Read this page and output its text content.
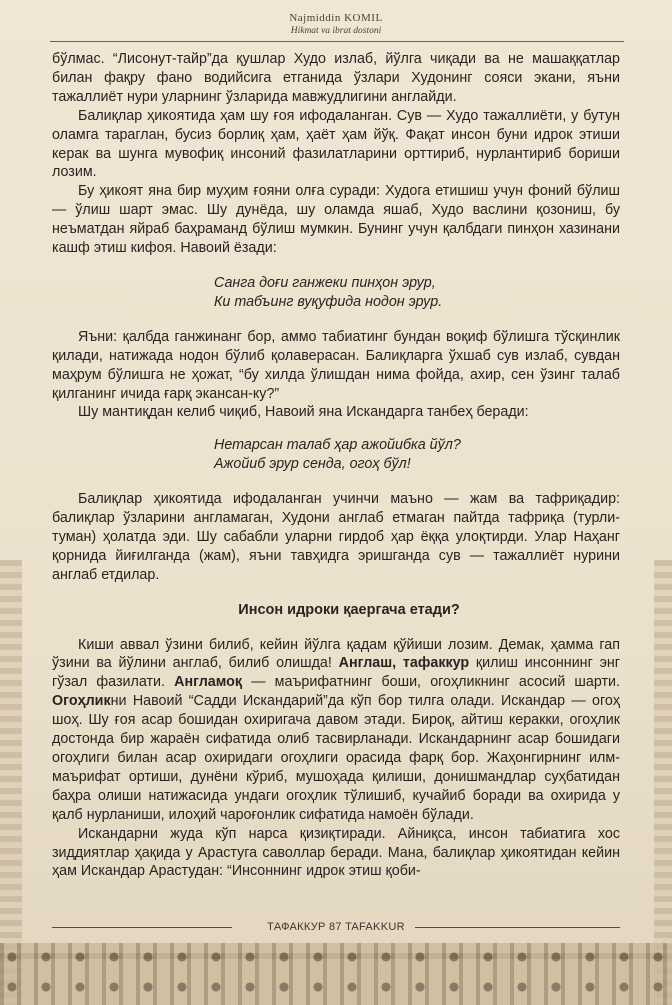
Najmiddin KOMIL
Hikmat va ibrat dostoni

бўлмас. “Лисонут-тайр”да қушлар Худо излаб, йўлга чиқади ва не машаққатлар билан фақру фано водийсига етганида ўзлари Худонинг сояси экани, яъни тажаллиёт нури уларнинг ўзларида мавжудлигини англайди.

Балиқлар ҳикоятида ҳам шу ғоя ифодаланган. Сув — Худо тажаллиёти, у бутун оламга тараглан, бусиз борлиқ ҳам, ҳаёт ҳам йўқ. Фақат инсон буни идрок этиши керак ва шунга мувофиқ инсоний фазилатларини орттириб, нурлантириб бориши лозим.

Бу ҳикоят яна бир муҳим ғояни олға суради: Худога етишиш учун фоний бўлиш — ўлиш шарт эмас. Шу дунёда, шу оламда яшаб, Худо васлини қозониш, бу неъматдан яйраб баҳраманд бўлиш мумкин. Бунинг учун қалбдаги пинҳон хазинани кашф этиш кифоя. Навоий ёзади:

Санга доғи ганжеки пинҳон эрур,

Ки табъинг вуқуфида нодон эрур.

Яъни: қалбда ганжинанг бор, аммо табиатинг бундан воқиф бўлишга тўсқинлик қилади, натижада нодон бўлиб қолаверасан. Балиқларга ўхшаб сув излаб, сувдан маҳрум бўлишга не ҳожат, “бу хилда ўлишдан нима фойда, ахир, сен ўзинг талаб қилганинг ичида ғарқ экансан-ку?”

Шу мантиқдан келиб чиқиб, Навоий яна Искандарга танбеҳ беради:

Нетарсан талаб ҳар ажойибка йўл?

Ажойиб эрур сенда, огоҳ бўл!

Балиқлар ҳикоятида ифодаланган учинчи маъно — жам ва тафриқадир: балиқлар ўзларини англамаган, Худони англаб етмаган пайтда тафриқа (турли-туман) ҳолатда эди. Шу сабабли уларни гирдоб ҳар ёққа улоқтирди. Улар Наҳанг қорнида йиғилганда (жам), яъни тавҳидга эришганда сув — тажаллиёт нурини англаб етдилар.

Инсон идроки қаергача етади?

Киши аввал ўзини билиб, кейин йўлга қадам қўйиши лозим. Демак, ҳамма гап ўзини ва йўлини англаб, билиб олишда! Англаш, тафаккур қилиш инсоннинг энг гўзал фазилати. Англамоқ — маърифатнинг боши, огоҳликнинг асосий шарти. Огоҳликни Навоий “Садди Искандарий”да кўп бор тилга олади. Искандар — огоҳ шоҳ. Шу ғоя асар бошидан охиригача давом этади. Бироқ, айтиш керакки, огоҳлик достонда бир жараён сифатида олиб тасвирланади. Искандарнинг асар бошидаги огоҳлиги билан асар охиридаги огоҳлиги орасида фарқ бор. Жаҳонгирнинг илм-маърифат ортиши, дунёни кўриб, мушоҳада қилиши, донишмандлар суҳбатидан баҳра олиши натижасида ундаги огоҳлик тўлишиб, кучайиб боради ва охирида у қалб нурланиши, илоҳий чароғонлик сифатида намоён бўлади.

Искандарни жуда кўп нарса қизиқтиради. Айниқса, инсон табиатига хос зиддиятлар ҳақида у Арастуга саволлар беради. Мана, балиқлар ҳикоятидан кейин ҳам Искандар Арастудан: “Инсоннинг идрок этиш қоби-

ТАФАККУР 87 TAFAKKUR
